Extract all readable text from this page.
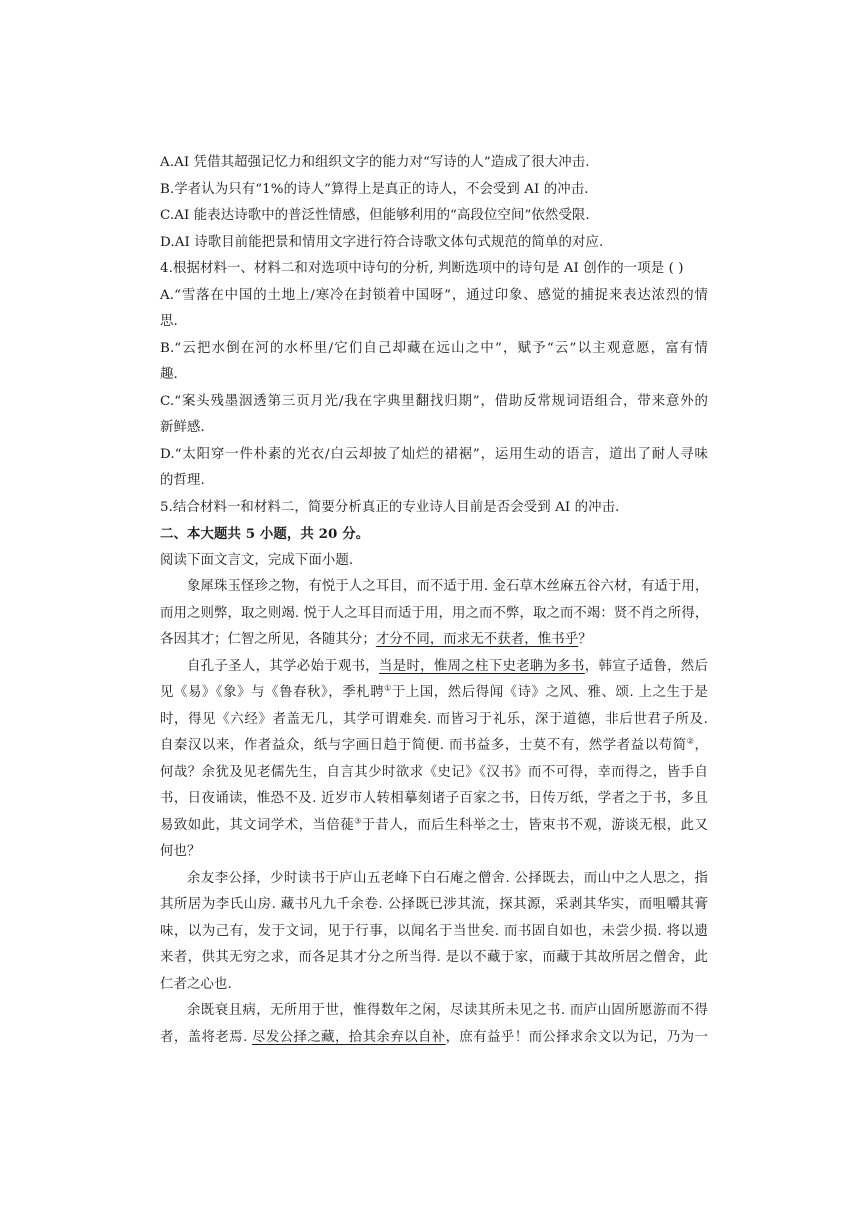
A.AI 凭借其超强记忆力和组织文字的能力对“写诗的人”造成了很大冲击.
B.学者认为只有“1%的诗人”算得上是真正的诗人，不会受到 AI 的冲击.
C.AI 能表达诗歌中的普泛性情感，但能够利用的“高段位空间”依然受限.
D.AI 诗歌目前能把景和情用文字进行符合诗歌文体句式规范的简单的对应.
4.根据材料一、材料二和对选项中诗句的分析, 判断选项中的诗句是 AI 创作的一项是 ( )
A.“雪落在中国的土地上/寒冷在封锁着中国呀”，通过印象、感觉的捕捉来表达浓烈的情
思.
B.“云把水倒在河的水杯里/它们自己却藏在远山之中”，赋予“云”以主观意愿，富有情
趣.
C.“案头残墨洇透第三页月光/我在字典里翻找归期”，借助反常规词语组合，带来意外的
新鲜感.
D.“太阳穿一件朴素的光衣/白云却披了灿烂的裙裾”，运用生动的语言，道出了耐人寻味
的哲理.
5.结合材料一和材料二，简要分析真正的专业诗人目前是否会受到 AI 的冲击.
二、本大题共 5 小题，共 20 分。
阅读下面文言文，完成下面小题.
象犀珠玉怪珍之物，有悦于人之耳目，而不适于用. 金石草木丝麻五谷六材，有适于用，
而用之则弊，取之则竭. 悦于人之耳目而适于用，用之而不弊，取之而不竭：贤不肖之所得，
各因其才；仁智之所见，各随其分；才分不同，而求无不获者，惟书乎？
自孔子圣人，其学必始于观书，当是时，惟周之柱下史老聃为多书，韩宣子适鲁，然后
见《易》《象》与《鲁春秋》，季札聘①于上国，然后得闻《诗》之风、雅、颂. 上之生于是
时，得见《六经》者盖无几，其学可谓难矣. 而皆习于礼乐，深于道德，非后世君子所及.
自秦汉以来，作者益众，纸与字画日趋于简便. 而书益多，士莫不有，然学者益以苟简②，
何哉？余犹及见老儒先生，自言其少时欲求《史记》《汉书》而不可得，幸而得之，皆手自
书，日夜诵读，惟恐不及. 近岁市人转相摹刻诸子百家之书，日传万纸，学者之于书，多且
易致如此，其文词学术，当倍蓰③于昔人，而后生科举之士，皆束书不观，游谈无根，此又
何也？
余友李公择，少时读书于庐山五老峰下白石庵之僧舍. 公择既去，而山中之人思之，指
其所居为李氏山房. 藏书凡九千余卷. 公择既已涉其流，探其源，采剥其华实，而咀嚼其膏
味，以为己有，发于文词，见于行事，以闻名于当世矣. 而书固自如也，未尝少损. 将以遗
来者，供其无穷之求，而各足其才分之所当得. 是以不藏于家，而藏于其故所居之僧舍，此
仁者之心也.
余既衰且病，无所用于世，惟得数年之闲，尽读其所未见之书. 而庐山固所愿游而不得
者，盖将老焉. 尽发公择之藏，拾其余弃以自补，庶有益乎！而公择求余文以为记，乃为一
